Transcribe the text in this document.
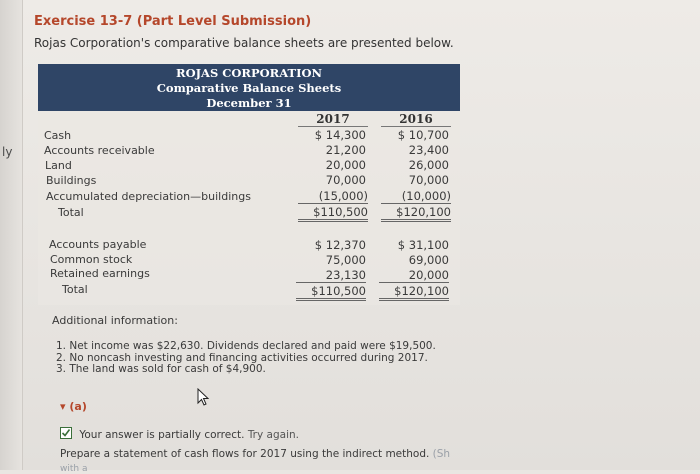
ly
Exercise 13-7 (Part Level Submission)
Rojas Corporation's comparative balance sheets are presented below.
ROJAS CORPORATION
Comparative Balance Sheets
December 31
2017	2016
Cash	$ 14,300	$ 10,700
Accounts receivable	21,200	23,400
Land	20,000	26,000
Buildings	70,000	70,000
Accumulated depreciation—buildings	(15,000)	(10,000)
Total	$110,500	$120,100
Accounts payable	$ 12,370	$ 31,100
Common stock	75,000	69,000
Retained earnings	23,130	20,000
Total	$110,500	$120,100
Additional information:
1. Net income was $22,630. Dividends declared and paid were $19,500.
2. No noncash investing and financing activities occurred during 2017.
3. The land was sold for cash of $4,900.
▾ (a)
Your answer is partially correct. Try again.
Prepare a statement of cash flows for 2017 using the indirect method. (Sh
with a
